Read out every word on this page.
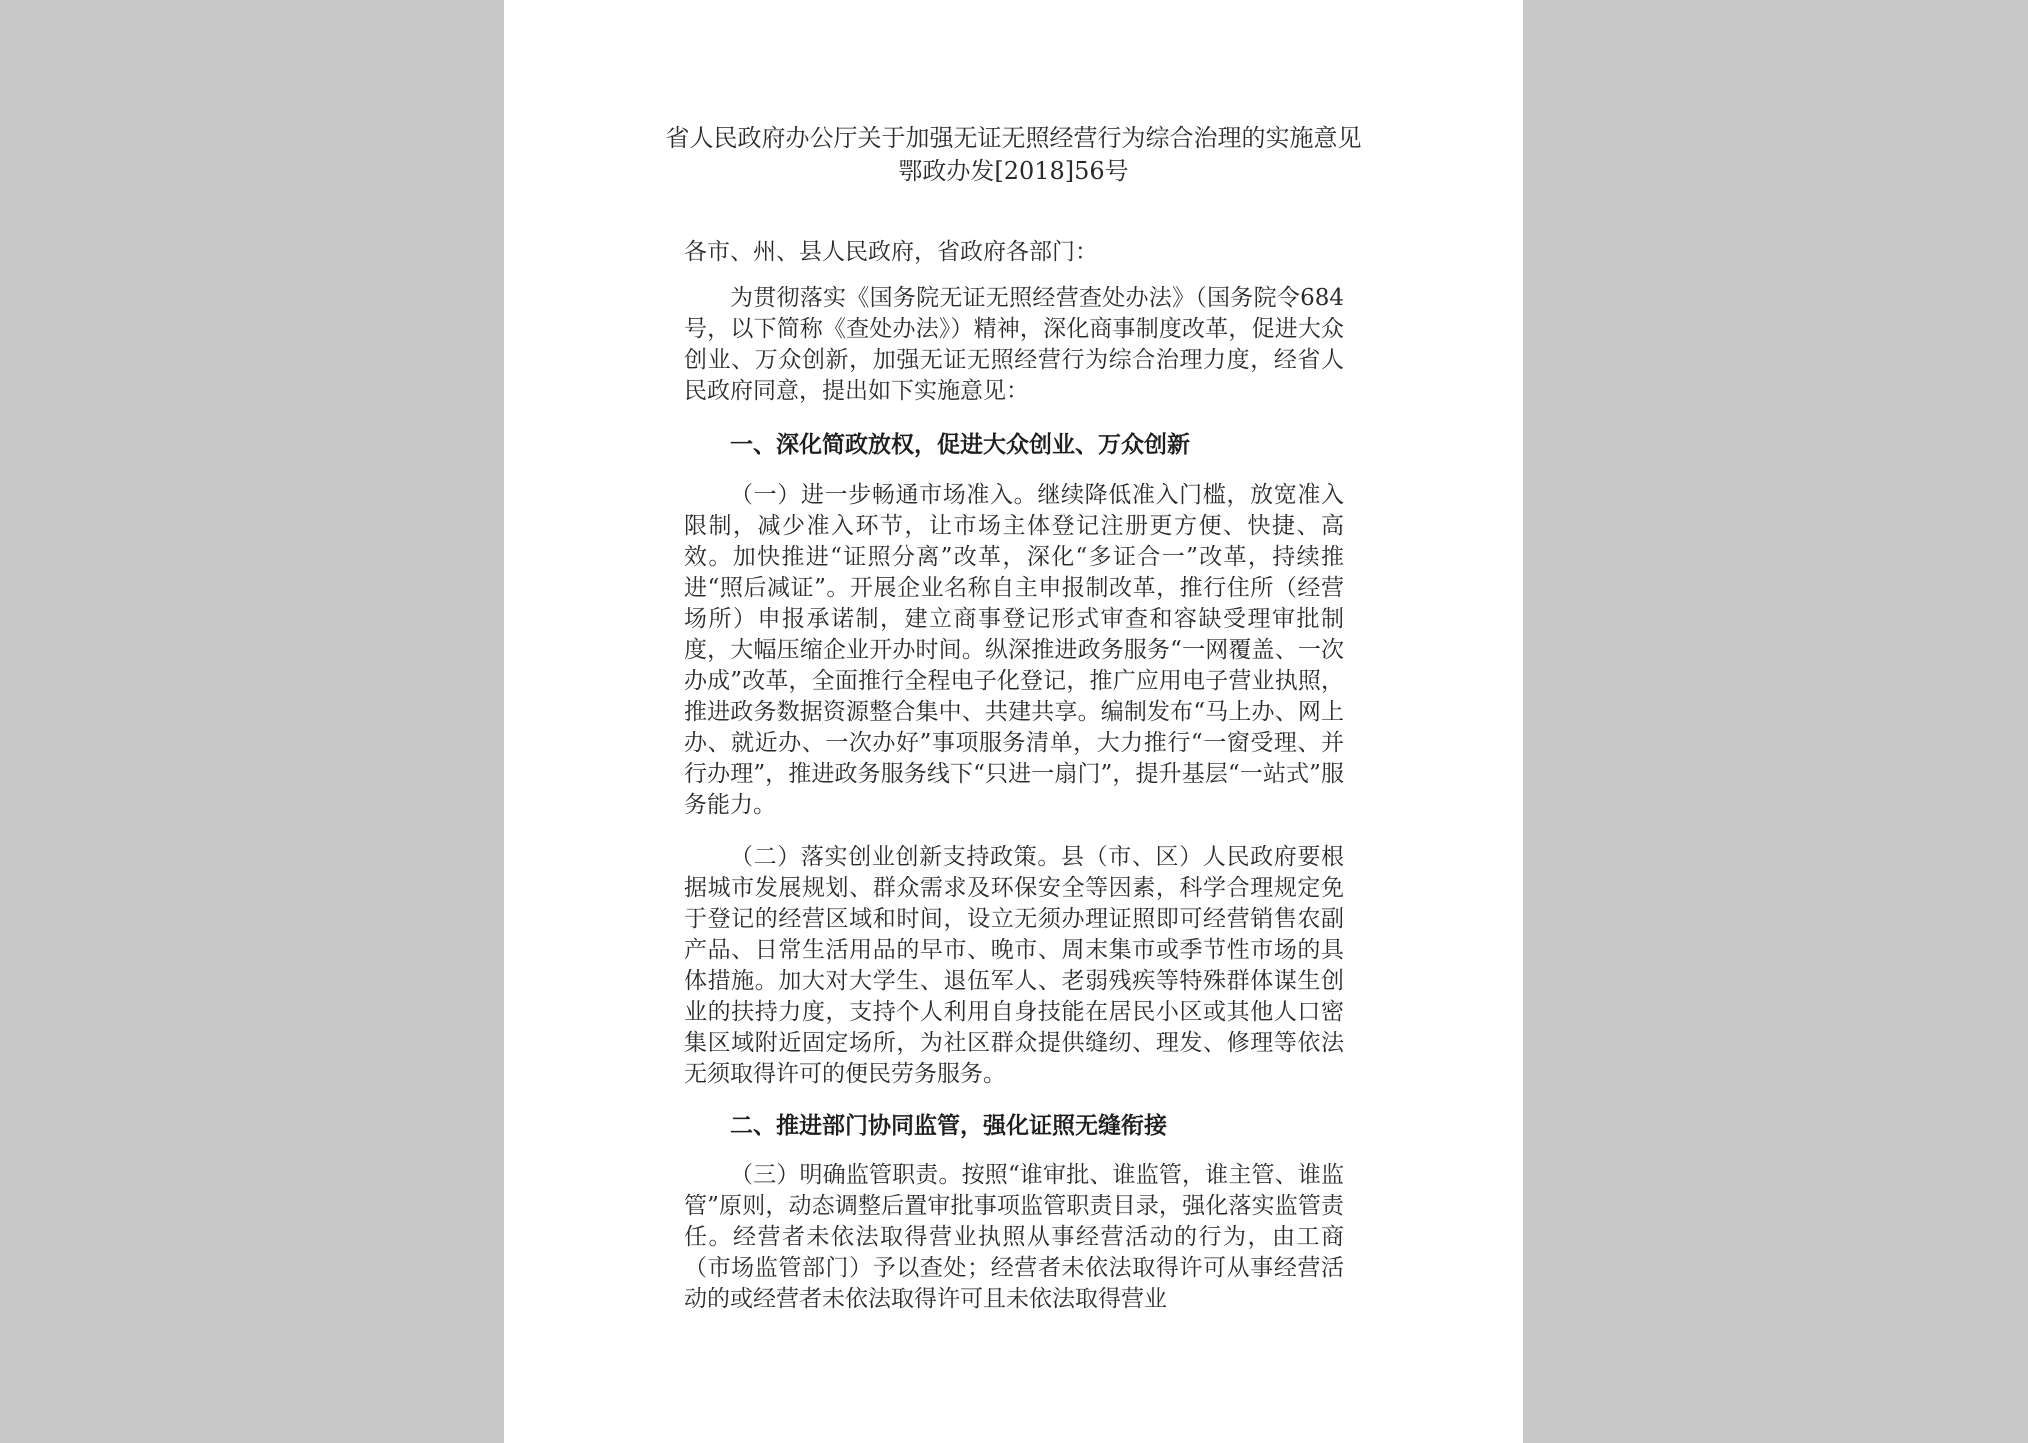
省人民政府办公厅关于加强无证无照经营行为综合治理的实施意见
鄂政办发[2018]56号
各市、州、县人民政府，省政府各部门：

为贯彻落实《国务院无证无照经营查处办法》（国务院令684号，以下简称《查处办法》）精神，深化商事制度改革，促进大众创业、万众创新，加强无证无照经营行为综合治理力度，经省人民政府同意，提出如下实施意见：

一、深化简政放权，促进大众创业、万众创新

（一）进一步畅通市场准入。继续降低准入门槛，放宽准入限制，减少准入环节，让市场主体登记注册更方便、快捷、高效。加快推进“证照分离”改革，深化“多证合一”改革，持续推进“照后减证”。开展企业名称自主申报制改革，推行住所（经营场所）申报承诺制，建立商事登记形式审查和容缺受理审批制度，大幅压缩企业开办时间。纵深推进政务服务“一网覆盖、一次办成”改革，全面推行全程电子化登记，推广应用电子营业执照，推进政务数据资源整合集中、共建共享。编制发布“马上办、网上办、就近办、一次办好”事项服务清单，大力推行“一窗受理、并行办理”，推进政务服务线下“只进一扇门”，提升基层“一站式”服务能力。

（二）落实创业创新支持政策。县（市、区）人民政府要根据城市发展规划、群众需求及环保安全等因素，科学合理规定免于登记的经营区域和时间，设立无须办理证照即可经营销售农副产品、日常生活用品的早市、晚市、周末集市或季节性市场的具体措施。加大对大学生、退伍军人、老弱残疾等特殊群体谋生创业的扶持力度，支持个人利用自身技能在居民小区或其他人口密集区域附近固定场所，为社区群众提供缝纫、理发、修理等依法无须取得许可的便民劳务服务。

二、推进部门协同监管，强化证照无缝衔接

（三）明确监管职责。按照“谁审批、谁监管，谁主管、谁监管”原则，动态调整后置审批事项监管职责目录，强化落实监管责任。经营者未依法取得营业执照从事经营活动的行为，由工商（市场监管部门）予以查处；经营者未依法取得许可从事经营活动的或经营者未依法取得许可且未依法取得营业
